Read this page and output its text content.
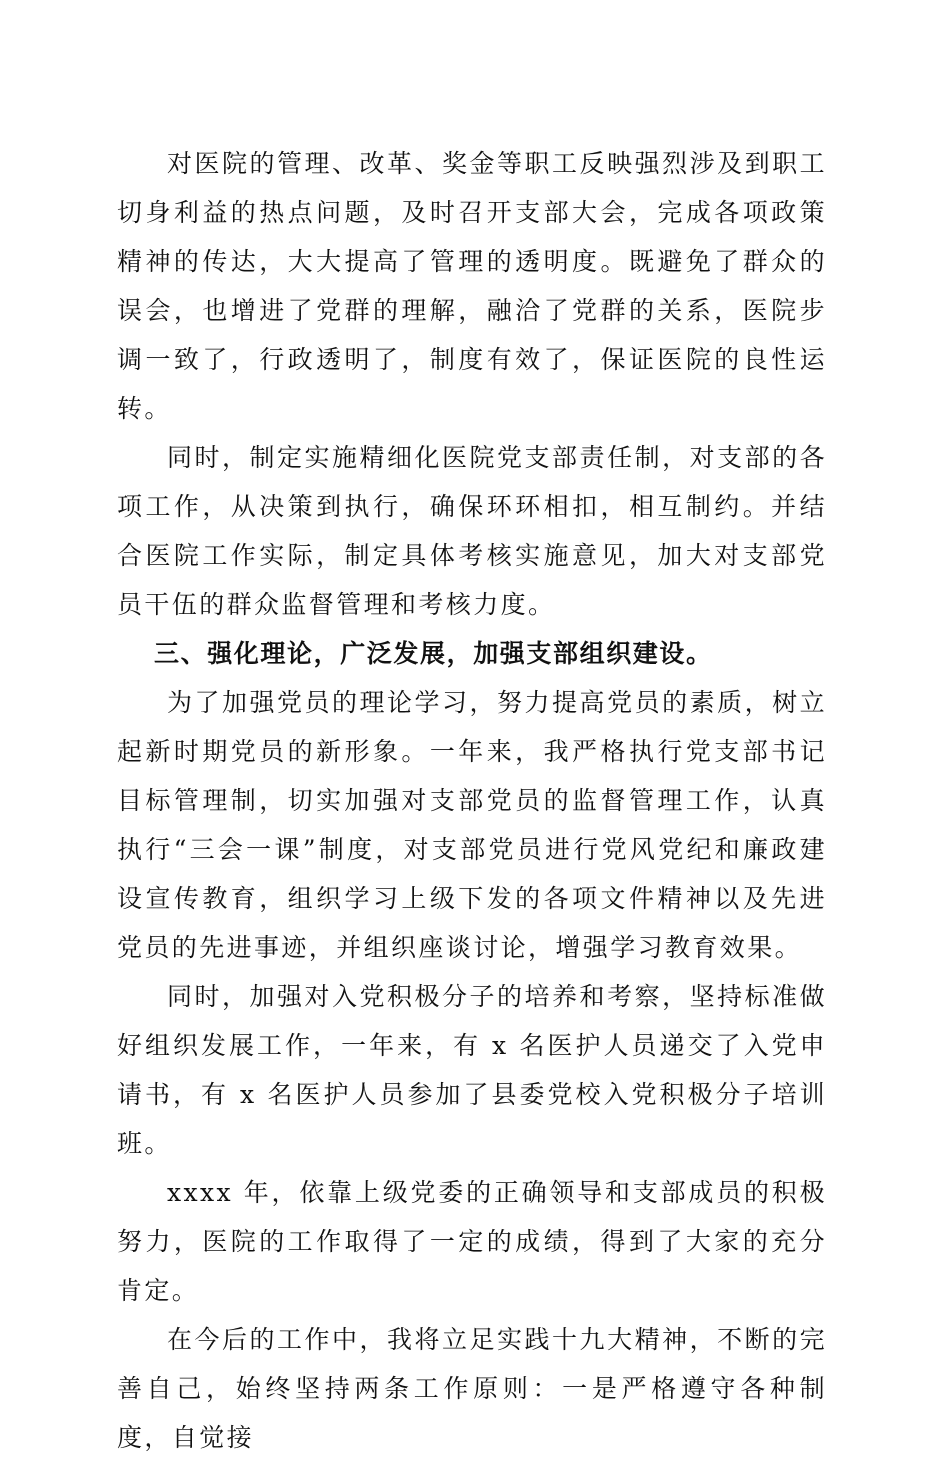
对医院的管理、改革、奖金等职工反映强烈涉及到职工切身利益的热点问题，及时召开支部大会，完成各项政策精神的传达，大大提高了管理的透明度。既避免了群众的误会，也增进了党群的理解，融洽了党群的关系，医院步调一致了，行政透明了，制度有效了，保证医院的良性运转。

同时，制定实施精细化医院党支部责任制，对支部的各项工作，从决策到执行，确保环环相扣，相互制约。并结合医院工作实际，制定具体考核实施意见，加大对支部党员干伍的群众监督管理和考核力度。

三、强化理论，广泛发展，加强支部组织建设。

为了加强党员的理论学习，努力提高党员的素质，树立起新时期党员的新形象。一年来，我严格执行党支部书记目标管理制，切实加强对支部党员的监督管理工作，认真执行“三会一课”制度，对支部党员进行党风党纪和廉政建设宣传教育，组织学习上级下发的各项文件精神以及先进党员的先进事迹，并组织座谈讨论，增强学习教育效果。

同时，加强对入党积极分子的培养和考察，坚持标准做好组织发展工作，一年来，有 x 名医护人员递交了入党申请书，有 x 名医护人员参加了县委党校入党积极分子培训班。

xxxx 年，依靠上级党委的正确领导和支部成员的积极努力，医院的工作取得了一定的成绩，得到了大家的充分肯定。

在今后的工作中，我将立足实践十九大精神，不断的完善自己，始终坚持两条工作原则：一是严格遵守各种制度，自觉接
